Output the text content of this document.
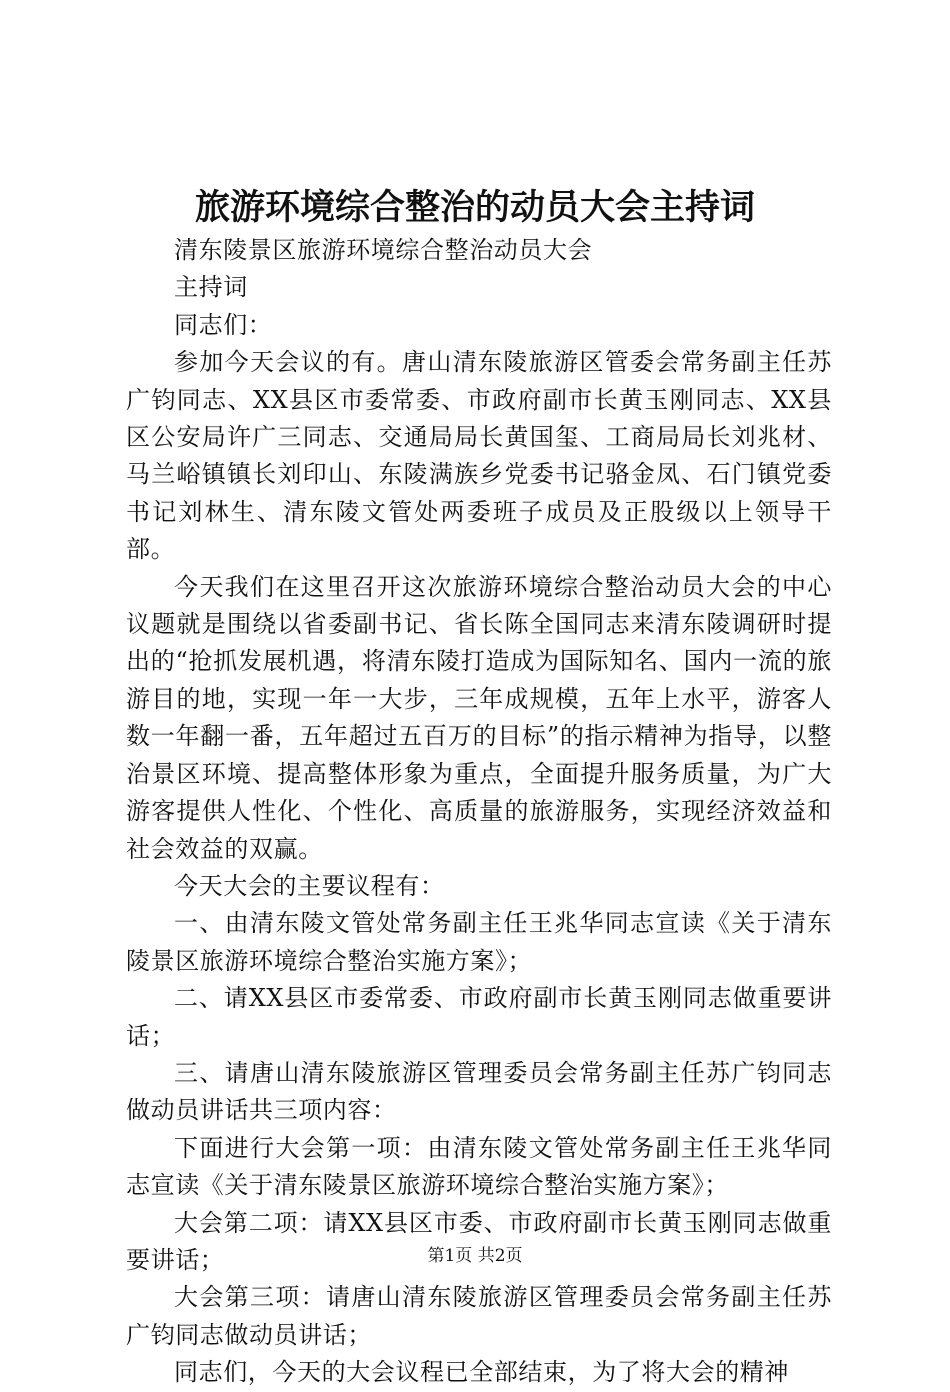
旅游环境综合整治的动员大会主持词

清东陵景区旅游环境综合整治动员大会

主持词

同志们：

参加今天会议的有。唐山清东陵旅游区管委会常务副主任苏广钧同志、XX县区市委常委、市政府副市长黄玉刚同志、XX县区公安局许广三同志、交通局局长黄国玺、工商局局长刘兆材、马兰峪镇镇长刘印山、东陵满族乡党委书记骆金凤、石门镇党委书记刘林生、清东陵文管处两委班子成员及正股级以上领导干部。

今天我们在这里召开这次旅游环境综合整治动员大会的中心议题就是围绕以省委副书记、省长陈全国同志来清东陵调研时提出的“抢抓发展机遇，将清东陵打造成为国际知名、国内一流的旅游目的地，实现一年一大步，三年成规模，五年上水平，游客人数一年翻一番，五年超过五百万的目标”的指示精神为指导，以整治景区环境、提高整体形象为重点，全面提升服务质量，为广大游客提供人性化、个性化、高质量的旅游服务，实现经济效益和社会效益的双赢。

今天大会的主要议程有：

一、由清东陵文管处常务副主任王兆华同志宣读《关于清东陵景区旅游环境综合整治实施方案》；

二、请XX县区市委常委、市政府副市长黄玉刚同志做重要讲话；

三、请唐山清东陵旅游区管理委员会常务副主任苏广钧同志做动员讲话共三项内容：

下面进行大会第一项：由清东陵文管处常务副主任王兆华同志宣读《关于清东陵景区旅游环境综合整治实施方案》；

大会第二项：请XX县区市委、市政府副市长黄玉刚同志做重要讲话；

大会第三项：请唐山清东陵旅游区管理委员会常务副主任苏广钧同志做动员讲话；

同志们，今天的大会议程已全部结束，为了将大会的精神

第1页 共2页
